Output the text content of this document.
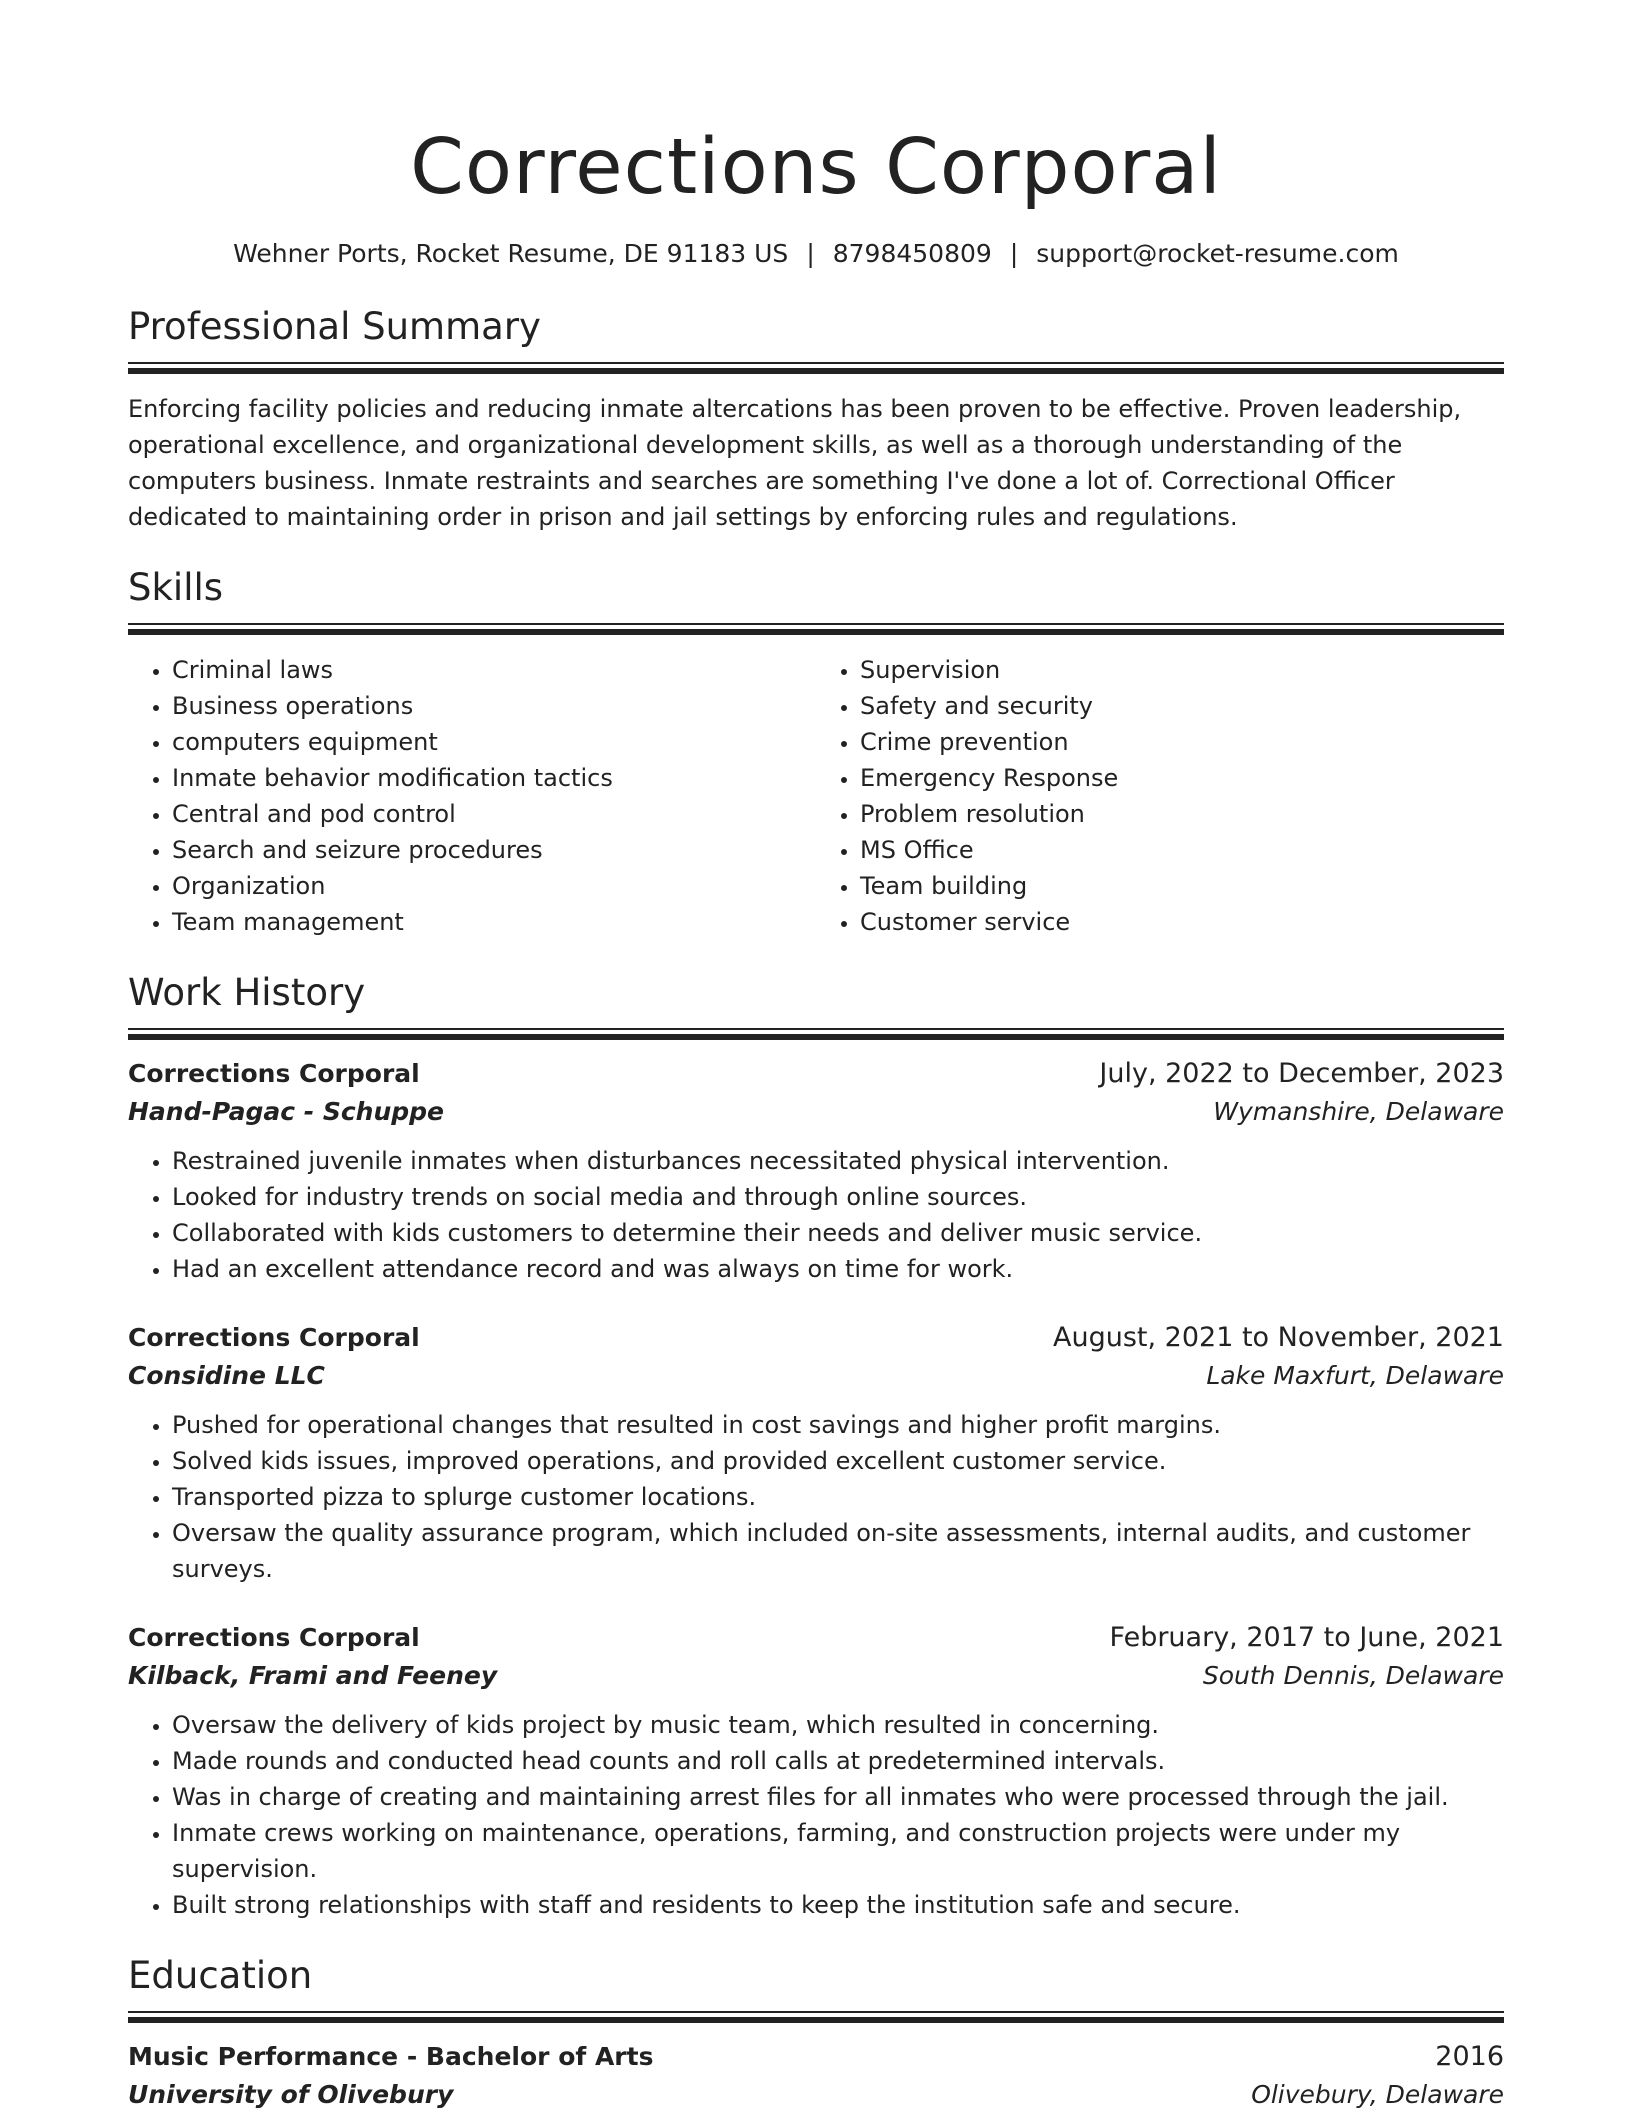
Corrections Corporal
Wehner Ports, Rocket Resume, DE 91183 US | 8798450809 | support@rocket-resume.com
Professional Summary
Enforcing facility policies and reducing inmate altercations has been proven to be effective. Proven leadership, operational excellence, and organizational development skills, as well as a thorough understanding of the computers business. Inmate restraints and searches are something I've done a lot of. Correctional Officer dedicated to maintaining order in prison and jail settings by enforcing rules and regulations.
Skills
• Criminal laws
• Business operations
• computers equipment
• Inmate behavior modification tactics
• Central and pod control
• Search and seizure procedures
• Organization
• Team management
• Supervision
• Safety and security
• Crime prevention
• Emergency Response
• Problem resolution
• MS Office
• Team building
• Customer service
Work History
Corrections Corporal	July, 2022 to December, 2023
Hand-Pagac - Schuppe	Wymanshire, Delaware
• Restrained juvenile inmates when disturbances necessitated physical intervention.
• Looked for industry trends on social media and through online sources.
• Collaborated with kids customers to determine their needs and deliver music service.
• Had an excellent attendance record and was always on time for work.
Corrections Corporal	August, 2021 to November, 2021
Considine LLC	Lake Maxfurt, Delaware
• Pushed for operational changes that resulted in cost savings and higher profit margins.
• Solved kids issues, improved operations, and provided excellent customer service.
• Transported pizza to splurge customer locations.
• Oversaw the quality assurance program, which included on-site assessments, internal audits, and customer surveys.
Corrections Corporal	February, 2017 to June, 2021
Kilback, Frami and Feeney	South Dennis, Delaware
• Oversaw the delivery of kids project by music team, which resulted in concerning.
• Made rounds and conducted head counts and roll calls at predetermined intervals.
• Was in charge of creating and maintaining arrest files for all inmates who were processed through the jail.
• Inmate crews working on maintenance, operations, farming, and construction projects were under my supervision.
• Built strong relationships with staff and residents to keep the institution safe and secure.
Education
Music Performance - Bachelor of Arts	2016
University of Olivebury	Olivebury, Delaware
